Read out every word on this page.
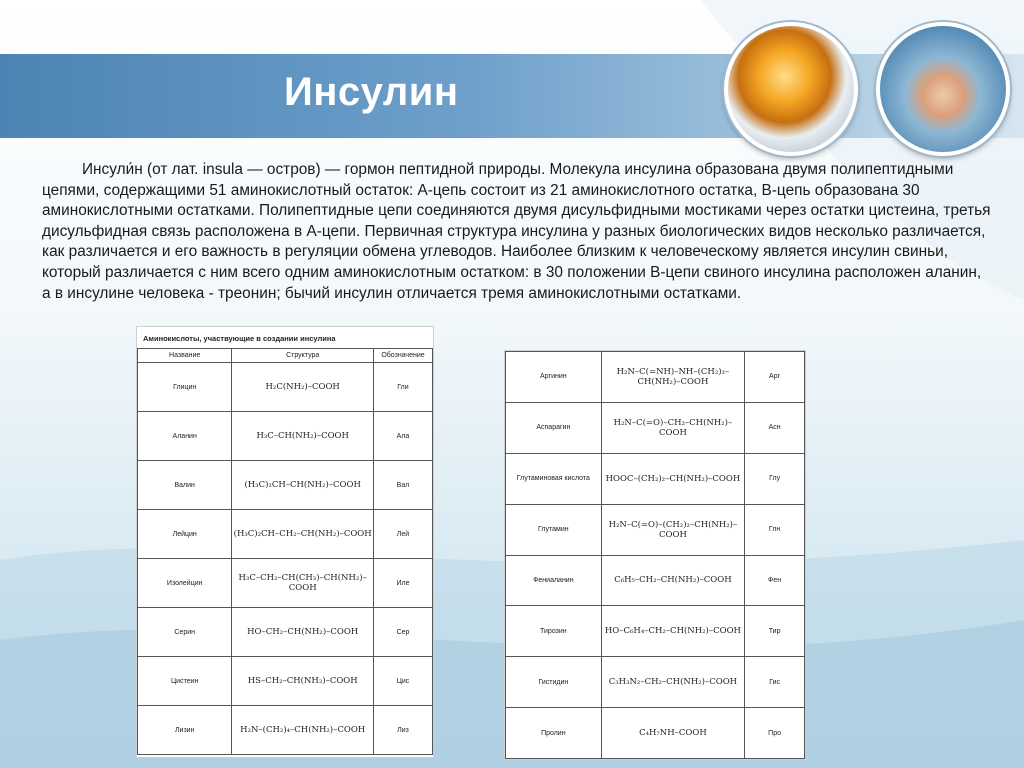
Инсулин

Инсули́н (от лат. insula — остров) — гормон пептидной природы. Молекула инсулина образована двумя полипептидными цепями, содержащими 51 аминокислотный остаток: А-цепь состоит из 21 аминокислотного остатка, В-цепь образована 30 аминокислотными остатками. Полипептидные цепи соединяются двумя дисульфидными мостиками через остатки цистеина, третья дисульфидная связь расположена в А-цепи. Первичная структура инсулина у разных биологических видов несколько различается, как различается и его важность в регуляции обмена углеводов. Наиболее близким к человеческому является инсулин свиньи, который различается с ним всего одним аминокислотным остатком: в 30 положении В-цепи свиного инсулина расположен аланин, а в инсулине человека - треонин; бычий инсулин отличается тремя аминокислотными остатками.

Аминокислоты, участвующие в создании инсулина
Название	Структура	Обозначение
Глицин	H₂C(NH₂)–COOH	Гли
Аланин	H₃C–CH(NH₂)–COOH	Ала
Валин	(H₃C)₂CH–CH(NH₂)–COOH	Вал
Лейцин	(H₃C)₂CH–CH₂–CH(NH₂)–COOH	Лей
Изолейцин	H₃C–CH₂–CH(CH₃)–CH(NH₂)–COOH	Иле
Серин	HO–CH₂–CH(NH₂)–COOH	Сер
Цистеин	HS–CH₂–CH(NH₂)–COOH	Цис
Лизин	H₂N–(CH₂)₄–CH(NH₂)–COOH	Лиз
Аргинин	H₂N–C(=NH)–NH–(CH₂)₃–CH(NH₂)–COOH	Арг
Аспарагин	H₂N–C(=O)–CH₂–CH(NH₂)–COOH	Асн
Глутаминовая кислота	HOOC–(CH₂)₂–CH(NH₂)–COOH	Глу
Глутамин	H₂N–C(=O)–(CH₂)₂–CH(NH₂)–COOH	Глн
Фениаланин	C₆H₅–CH₂–CH(NH₂)–COOH	Фен
Тирозин	HO–C₆H₄–CH₂–CH(NH₂)–COOH	Тир
Гистидин	C₃H₃N₂–CH₂–CH(NH₂)–COOH	Гис
Пролин	C₄H₇NH–COOH	Про
